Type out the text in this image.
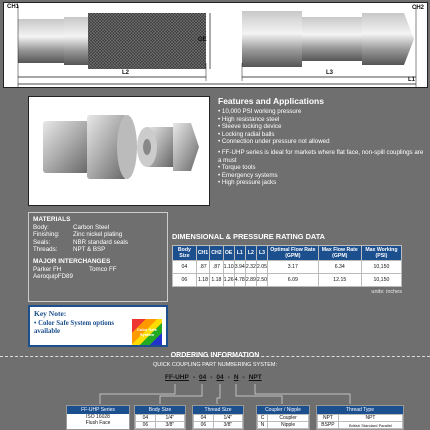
CH1
OE
L2
L1
CH2
L3
Features and Applications
• 10,000 PSI working pressure
• High resistance steel
• Sleeve locking device
• Locking radial balls
• Connection under pressure not allowed
• FF-UHP series is ideal for markets where flat face, non-spill couplings are a must
• Torque tools
• Emergency systems
• High pressure jacks
MATERIALS
Body:	Carbon Steel
Finishing:	Zinc nickel plating
Seals:	NBR standard seals
Threads:	NPT & BSP
MAJOR INTERCHANGES
Parker FH	Tomco FF
AeroquipFD89
DIMENSIONAL & PRESSURE RATING DATA
Body Size	CH1	CH2	OE	L1	L2	L3	Optimal Flow Rate (GPM)	Max Flow Rate (GPM)	Max Working (PSI)
04	.87	.87	1.10	3.94	2.32	2.05	3.17	6.34	10,150
06	1.18	1.18	1.26	4.78	2.89	2.50	6.09	12.15	10,150
units: inches
Key Note:
• Color Safe System options available	Color Safe System
ORDERING INFORMATION
QUICK COUPLING PART NUMBERING SYSTEM:
FF-UHP - 04 - 04 - N - NPT
FF-UHP Series
ISO 16028
Flush Face
Body Size
04	1/4"
06	3/8"
Thread Size
04	1/4"
06	3/8"
Coupler / Nipple
C	Coupler
N	Nipple
Thread Type
NPT	NPT
BSPP	British Standard Parallel
